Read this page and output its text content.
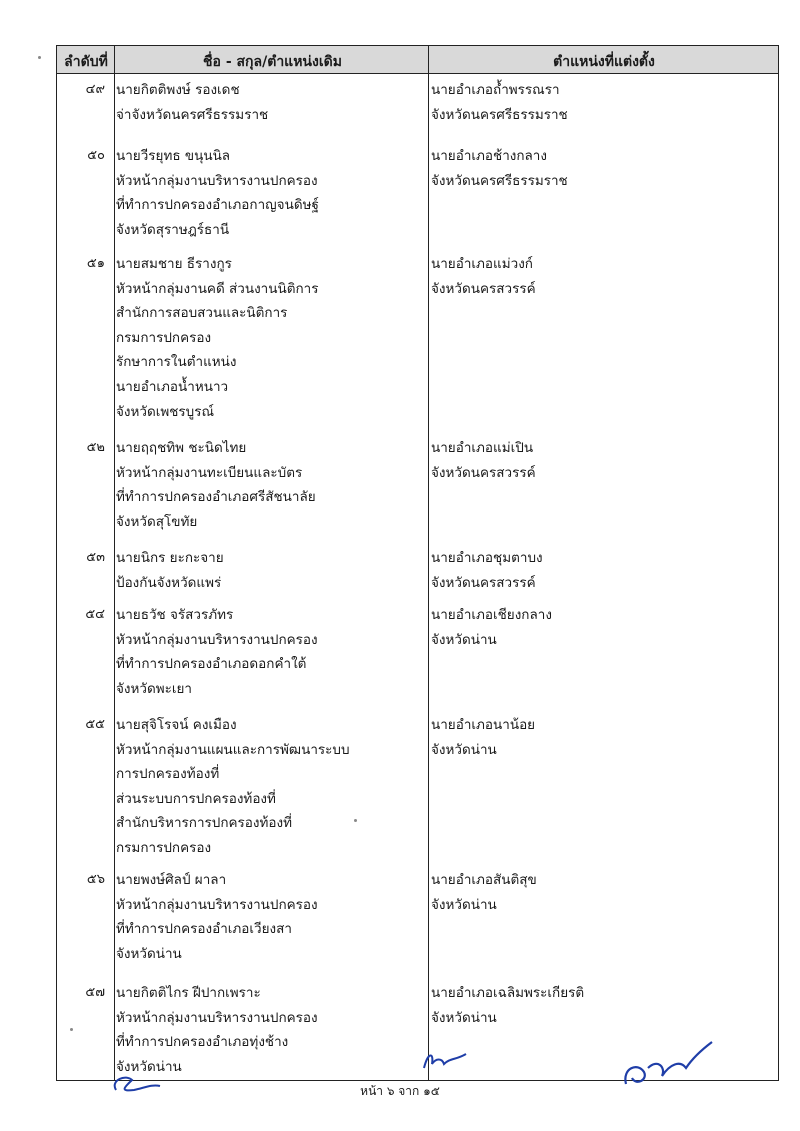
ลำดับที่	ชื่อ - สกุล/ตำแหน่งเดิม	ตำแหน่งที่แต่งตั้ง
๔๙ นายกิตติพงษ์ รองเดช
จ่าจังหวัดนครศรีธรรมราช
นายอำเภอถ้ำพรรณรา
จังหวัดนครศรีธรรมราช
๕๐ นายวีรยุทธ ขนุนนิล
หัวหน้ากลุ่มงานบริหารงานปกครอง
ที่ทำการปกครองอำเภอกาญจนดิษฐ์
จังหวัดสุราษฎร์ธานี
นายอำเภอช้างกลาง
จังหวัดนครศรีธรรมราช
๕๑ นายสมชาย ธีรางกูร
หัวหน้ากลุ่มงานคดี ส่วนงานนิติการ
สำนักการสอบสวนและนิติการ
กรมการปกครอง
รักษาการในตำแหน่ง
นายอำเภอน้ำหนาว
จังหวัดเพชรบูรณ์
นายอำเภอแม่วงก์
จังหวัดนครสวรรค์
๕๒ นายฤฤชทิพ ชะนิดไทย
หัวหน้ากลุ่มงานทะเบียนและบัตร
ที่ทำการปกครองอำเภอศรีสัชนาลัย
จังหวัดสุโขทัย
นายอำเภอแม่เปิน
จังหวัดนครสวรรค์
๕๓ นายนิกร ยะกะจาย
ป้องกันจังหวัดแพร่
นายอำเภอชุมตาบง
จังหวัดนครสวรรค์
๕๔ นายธวัช จรัสวรภัทร
หัวหน้ากลุ่มงานบริหารงานปกครอง
ที่ทำการปกครองอำเภอดอกคำใต้
จังหวัดพะเยา
นายอำเภอเชียงกลาง
จังหวัดน่าน
๕๕ นายสุจิโรจน์ คงเมือง
หัวหน้ากลุ่มงานแผนและการพัฒนาระบบ
การปกครองท้องที่
ส่วนระบบการปกครองท้องที่
สำนักบริหารการปกครองท้องที่
กรมการปกครอง
นายอำเภอนาน้อย
จังหวัดน่าน
๕๖ นายพงษ์ศิลป์ ผาลา
หัวหน้ากลุ่มงานบริหารงานปกครอง
ที่ทำการปกครองอำเภอเวียงสา
จังหวัดน่าน
นายอำเภอสันติสุข
จังหวัดน่าน
๕๗ นายกิตติไกร ฝีปากเพราะ
หัวหน้ากลุ่มงานบริหารงานปกครอง
ที่ทำการปกครองอำเภอทุ่งช้าง
จังหวัดน่าน
นายอำเภอเฉลิมพระเกียรติ
จังหวัดน่าน
หน้า ๖ จาก ๑๕
